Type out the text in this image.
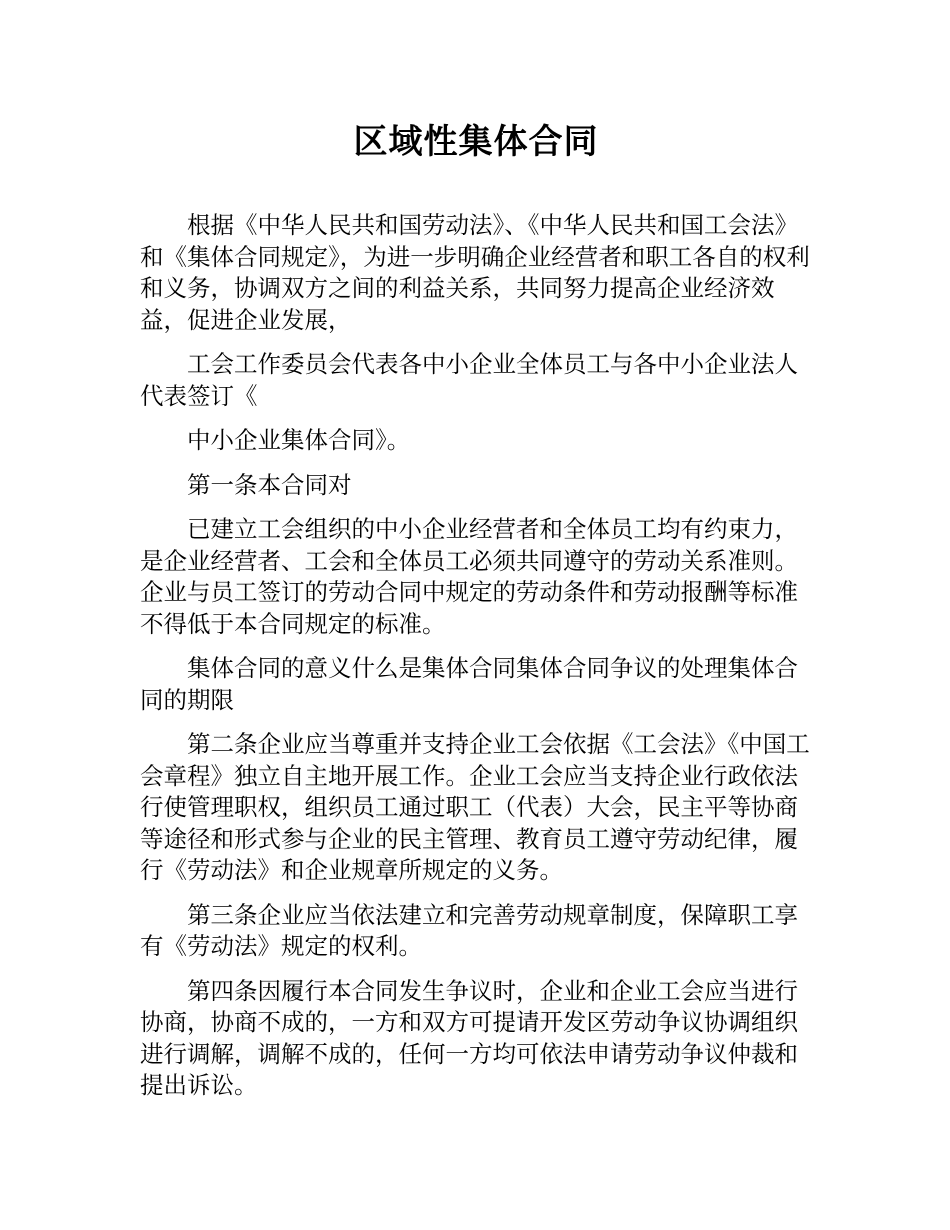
区域性集体合同

根据《中华人民共和国劳动法》、《中华人民共和国工会法》和《集体合同规定》，为进一步明确企业经营者和职工各自的权利和义务，协调双方之间的利益关系，共同努力提高企业经济效益，促进企业发展，

工会工作委员会代表各中小企业全体员工与各中小企业法人代表签订《

中小企业集体合同》。

第一条本合同对

已建立工会组织的中小企业经营者和全体员工均有约束力，是企业经营者、工会和全体员工必须共同遵守的劳动关系准则。企业与员工签订的劳动合同中规定的劳动条件和劳动报酬等标准不得低于本合同规定的标准。

集体合同的意义什么是集体合同集体合同争议的处理集体合同的期限

第二条企业应当尊重并支持企业工会依据《工会法》《中国工会章程》独立自主地开展工作。企业工会应当支持企业行政依法行使管理职权，组织员工通过职工（代表）大会，民主平等协商等途径和形式参与企业的民主管理、教育员工遵守劳动纪律，履行《劳动法》和企业规章所规定的义务。

第三条企业应当依法建立和完善劳动规章制度，保障职工享有《劳动法》规定的权利。

第四条因履行本合同发生争议时，企业和企业工会应当进行协商，协商不成的，一方和双方可提请开发区劳动争议协调组织进行调解，调解不成的，任何一方均可依法申请劳动争议仲裁和提出诉讼。
